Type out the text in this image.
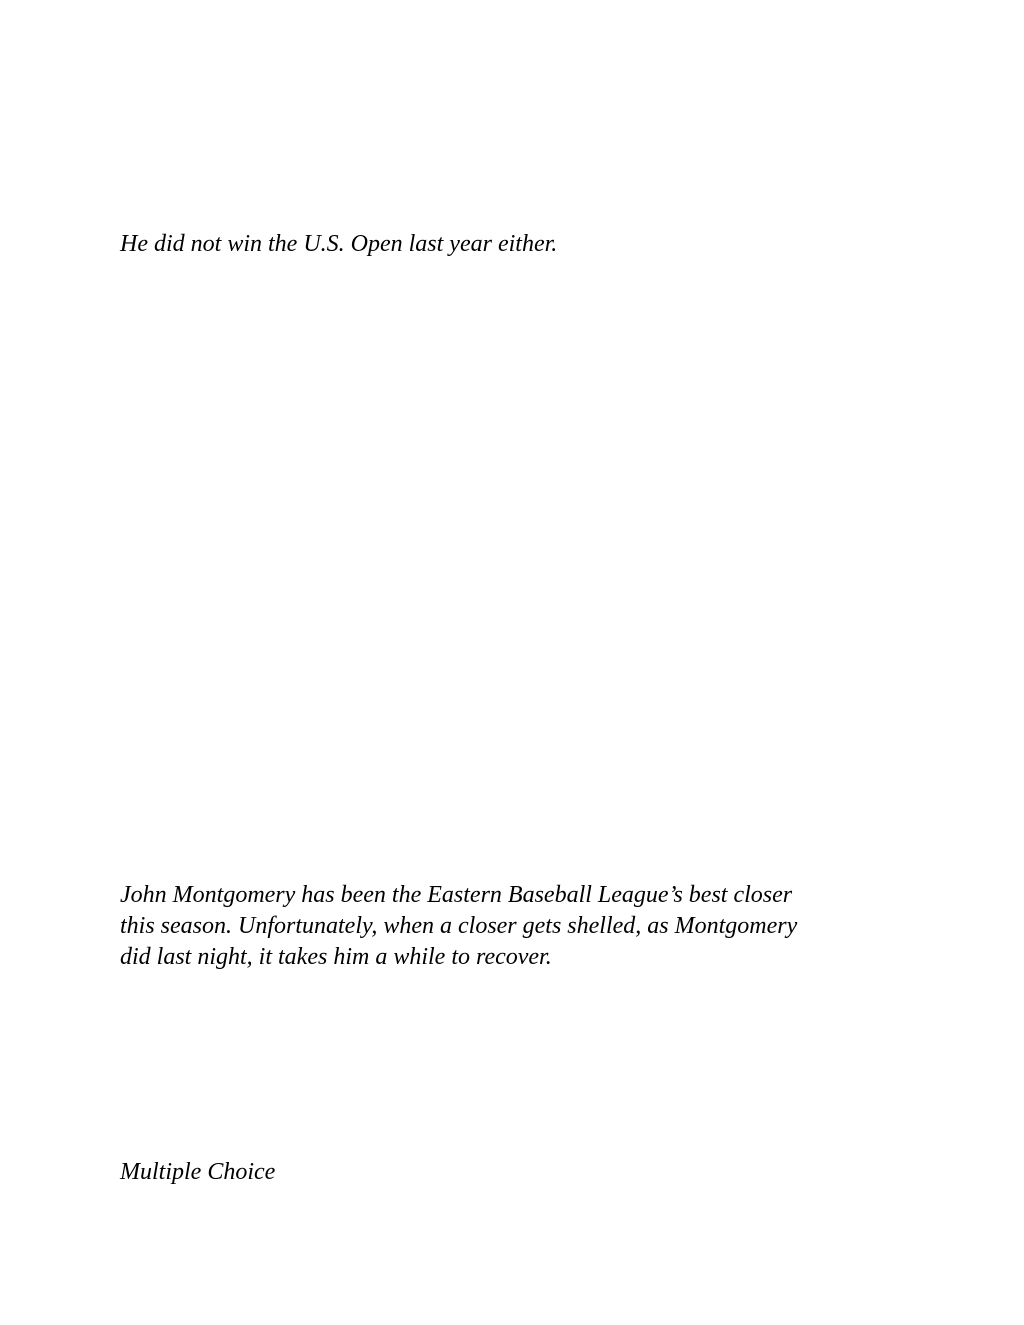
He did not win the U.S. Open last year either.

John Montgomery has been the Eastern Baseball League’s best closer
this season. Unfortunately, when a closer gets shelled, as Montgomery
did last night, it takes him a while to recover.

Multiple Choice
